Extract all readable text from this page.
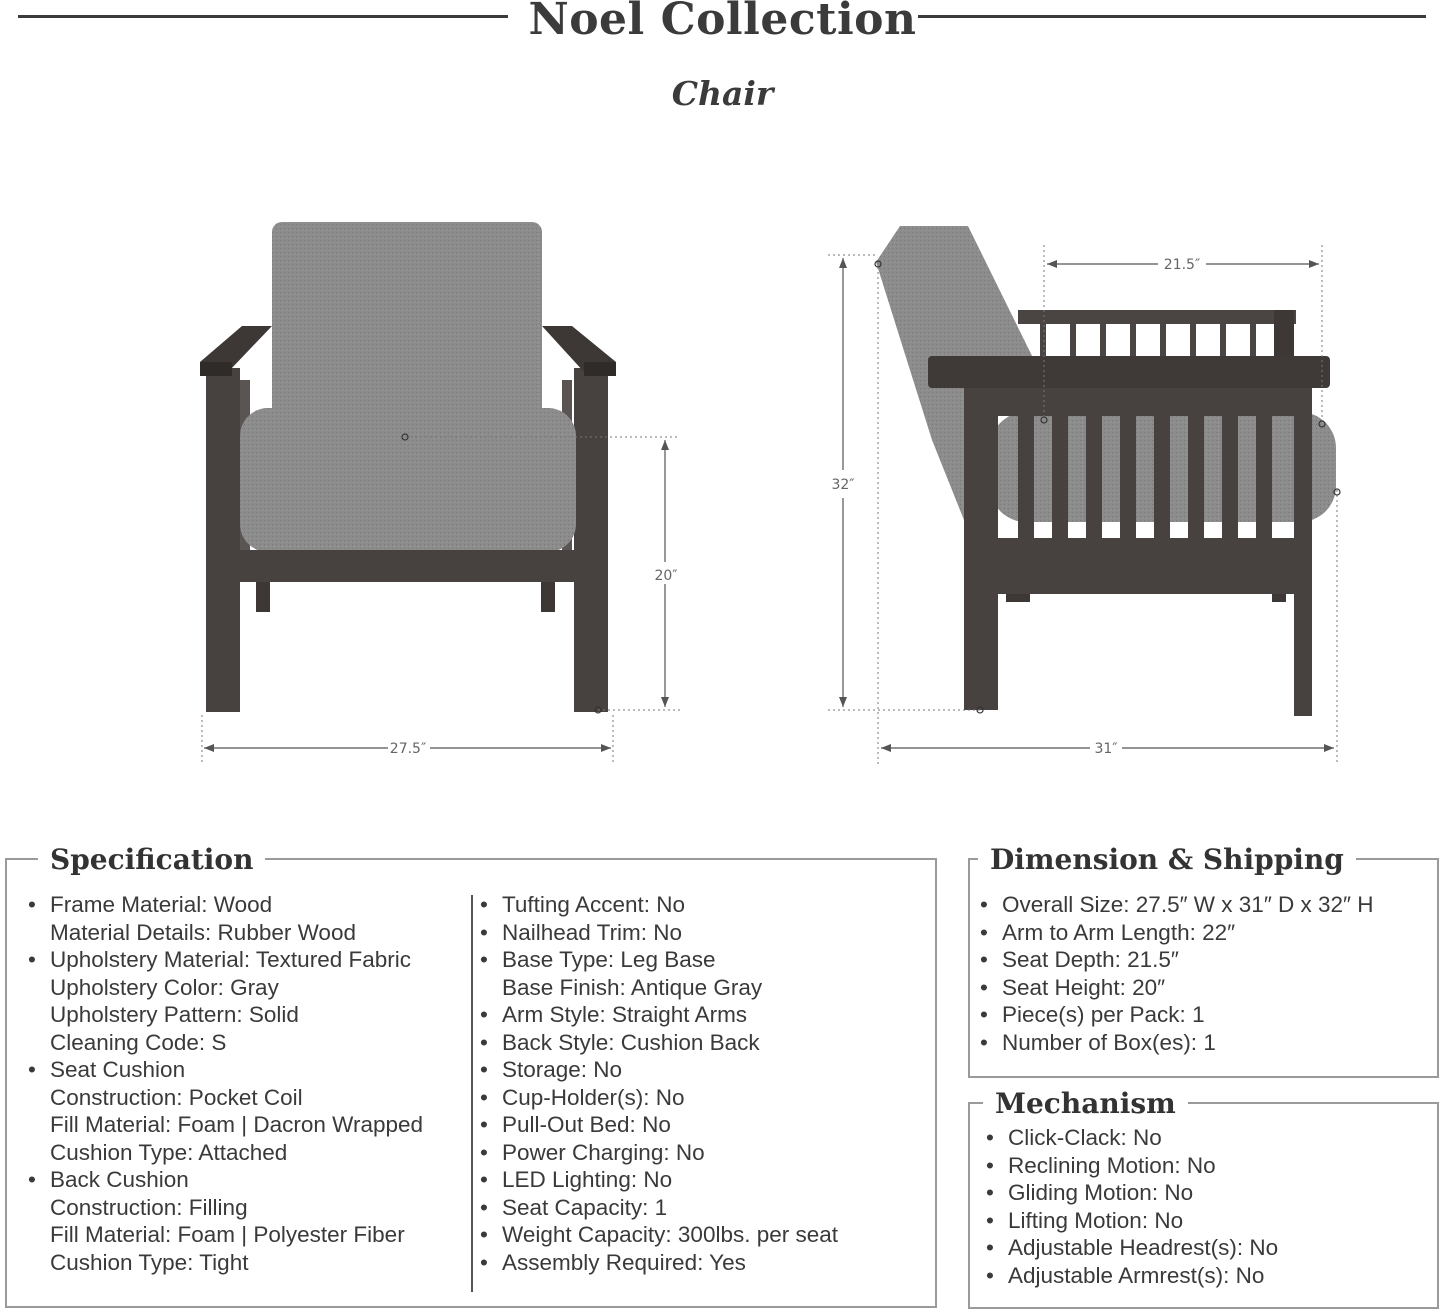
Noel Collection
Chair
20″
27.5″
32″
21.5″
31″
Specification
• Frame Material: Wood
Material Details: Rubber Wood
• Upholstery Material: Textured Fabric
Upholstery Color: Gray
Upholstery Pattern: Solid
Cleaning Code: S
• Seat Cushion
Construction: Pocket Coil
Fill Material: Foam | Dacron Wrapped
Cushion Type: Attached
• Back Cushion
Construction: Filling
Fill Material: Foam | Polyester Fiber
Cushion Type: Tight
• Tufting Accent: No
• Nailhead Trim: No
• Base Type: Leg Base
Base Finish: Antique Gray
• Arm Style: Straight Arms
• Back Style: Cushion Back
• Storage: No
• Cup-Holder(s): No
• Pull-Out Bed: No
• Power Charging: No
• LED Lighting: No
• Seat Capacity: 1
• Weight Capacity: 300lbs. per seat
• Assembly Required: Yes
Dimension & Shipping
• Overall Size: 27.5″ W x 31″ D x 32″ H
• Arm to Arm Length: 22″
• Seat Depth: 21.5″
• Seat Height: 20″
• Piece(s) per Pack: 1
• Number of Box(es): 1
Mechanism
• Click-Clack: No
• Reclining Motion: No
• Gliding Motion: No
• Lifting Motion: No
• Adjustable Headrest(s): No
• Adjustable Armrest(s): No
